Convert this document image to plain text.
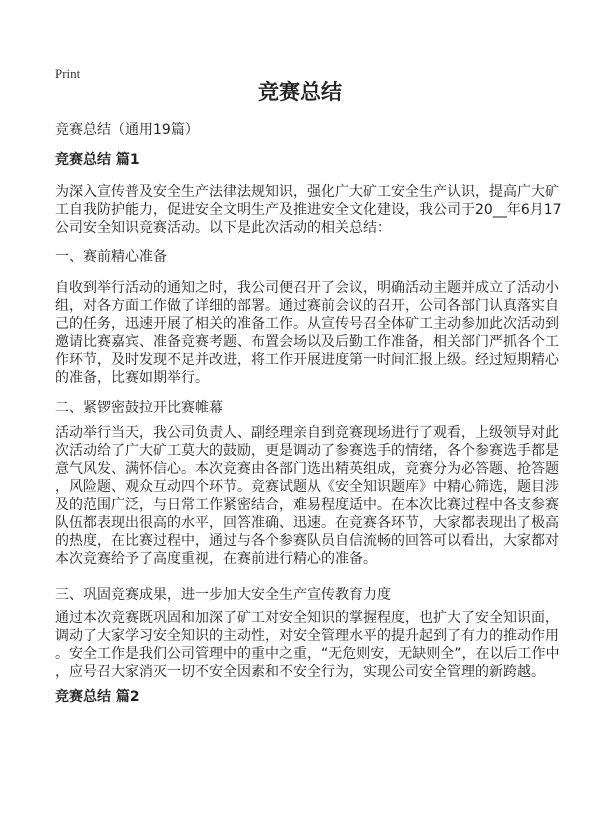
Print
竞赛总结
竞赛总结（通用19篇）
竞赛总结 篇1
为深入宣传普及安全生产法律法规知识，强化广大矿工安全生产认识，提高广大矿
工自我防护能力，促进安全文明生产及推进安全文化建设，我公司于20__年6月17
公司安全知识竞赛活动。以下是此次活动的相关总结：
一、赛前精心准备
自收到举行活动的通知之时，我公司便召开了会议，明确活动主题并成立了活动小
组，对各方面工作做了详细的部署。通过赛前会议的召开，公司各部门认真落实自
己的任务，迅速开展了相关的准备工作。从宣传号召全体矿工主动参加此次活动到
邀请比赛嘉宾、准备竞赛考题、布置会场以及后勤工作准备，相关部门严抓各个工
作环节，及时发现不足并改进，将工作开展进度第一时间汇报上级。经过短期精心
的准备，比赛如期举行。
二、紧锣密鼓拉开比赛帷幕
活动举行当天，我公司负责人、副经理亲自到竞赛现场进行了观看，上级领导对此
次活动给了广大矿工莫大的鼓励，更是调动了参赛选手的情绪，各个参赛选手都是
意气风发、满怀信心。本次竞赛由各部门选出精英组成，竞赛分为必答题、抢答题
，风险题、观众互动四个环节。竞赛试题从《安全知识题库》中精心筛选，题目涉
及的范围广泛，与日常工作紧密结合，难易程度适中。在本次比赛过程中各支参赛
队伍都表现出很高的水平，回答准确、迅速。在竞赛各环节，大家都表现出了极高
的热度，在比赛过程中，通过与各个参赛队员自信流畅的回答可以看出，大家都对
本次竞赛给予了高度重视，在赛前进行精心的准备。
三、巩固竞赛成果，进一步加大安全生产宣传教育力度
通过本次竞赛既巩固和加深了矿工对安全知识的掌握程度，也扩大了安全知识面，
调动了大家学习安全知识的主动性，对安全管理水平的提升起到了有力的推动作用
。安全工作是我们公司管理中的重中之重，“无危则安，无缺则全”，在以后工作中
，应号召大家消灭一切不安全因素和不安全行为，实现公司安全管理的新跨越。
竞赛总结 篇2
